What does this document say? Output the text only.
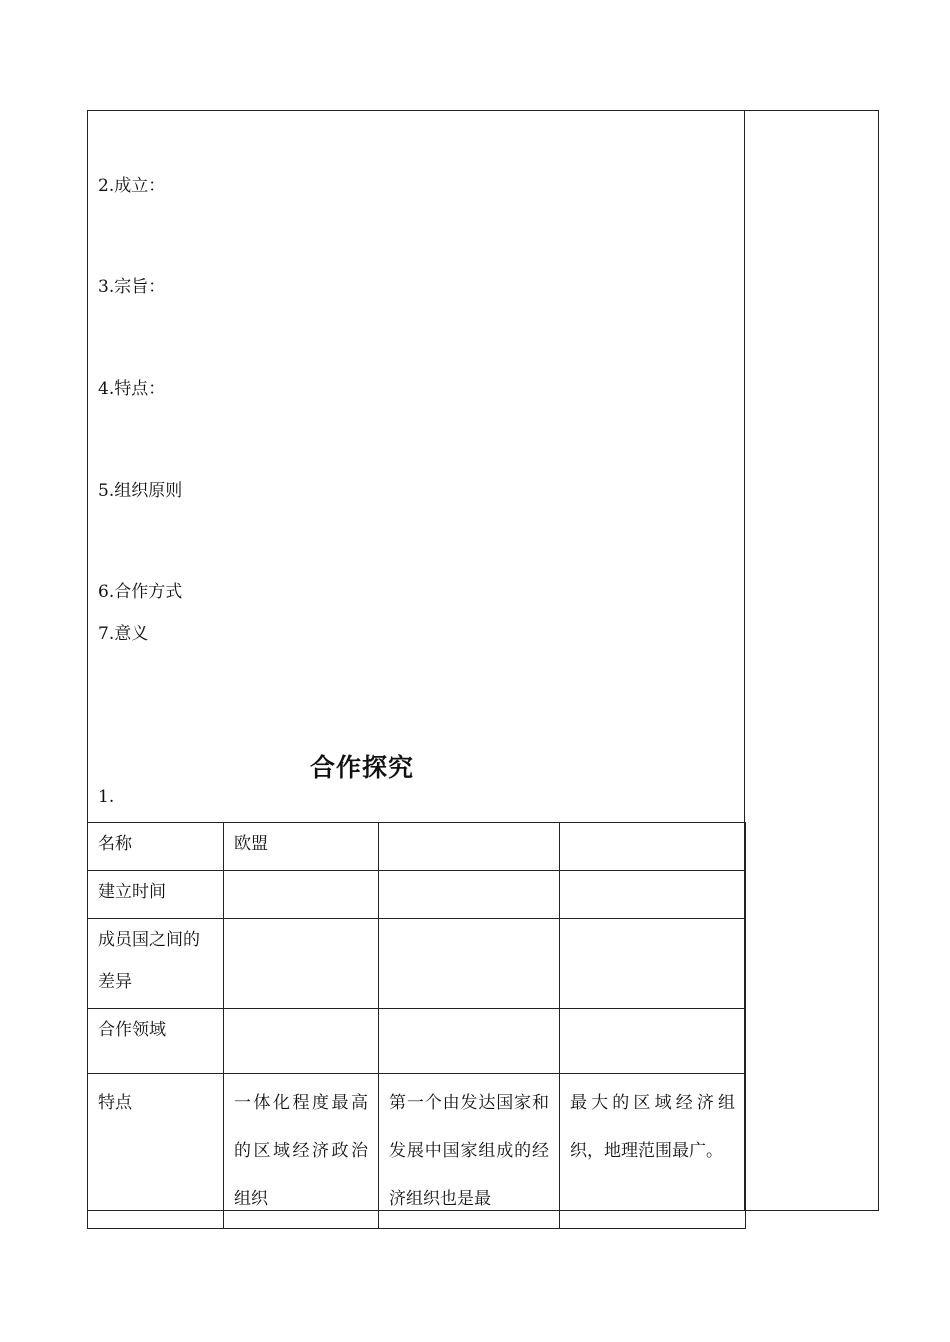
2.成立：
3.宗旨：
4.特点：
5.组织原则
6.合作方式
7.意义
合作探究
1.
名称	欧盟		
建立时间			
成员国之间的差异			
合作领域			
特点	一体化程度最高的区域经济政治组织	第一个由发达国家和发展中国家组成的经济组织也是最	最大的区域经济组织，地理范围最广。
